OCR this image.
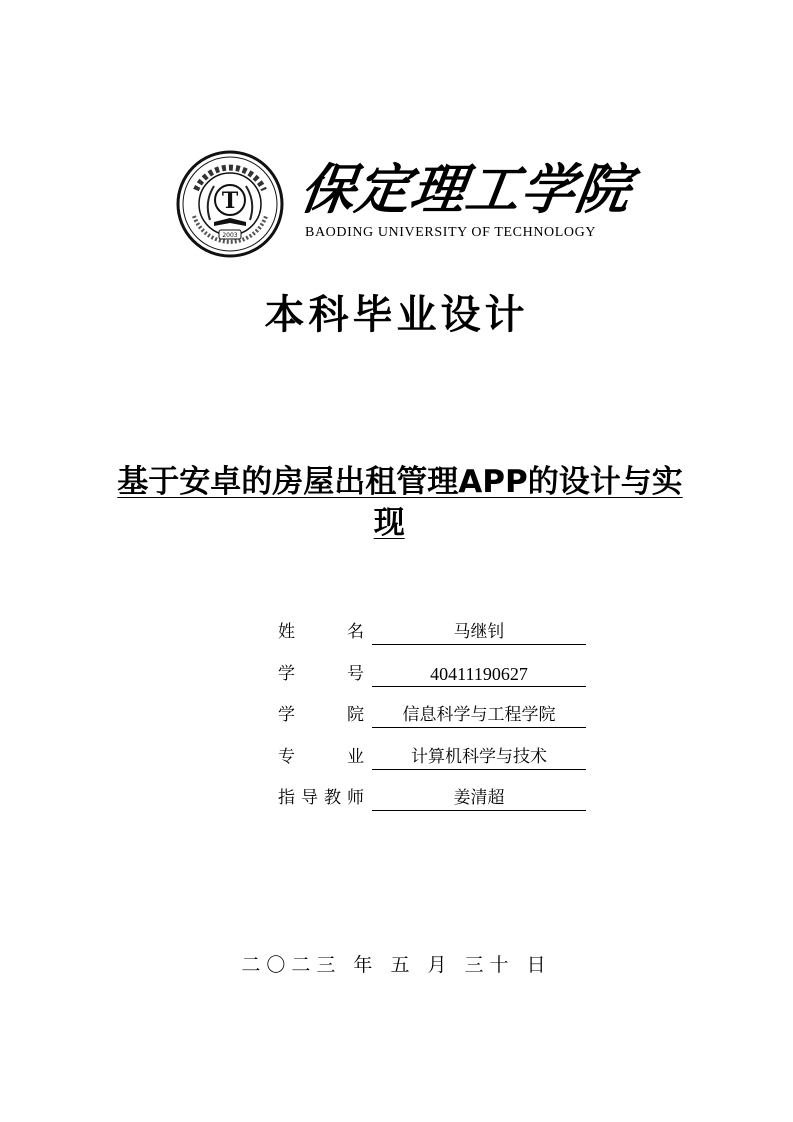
T
2003
保定理工学院
BAODING UNIVERSITY OF TECHNOLOGY
本科毕业设计
基于安卓的房屋出租管理APP的设计与实
现
姓名	马继钊
学号	40411190627
学院	信息科学与工程学院
专业	计算机科学与技术
指导教师	姜清超
二〇二三 年 五 月 三十 日
